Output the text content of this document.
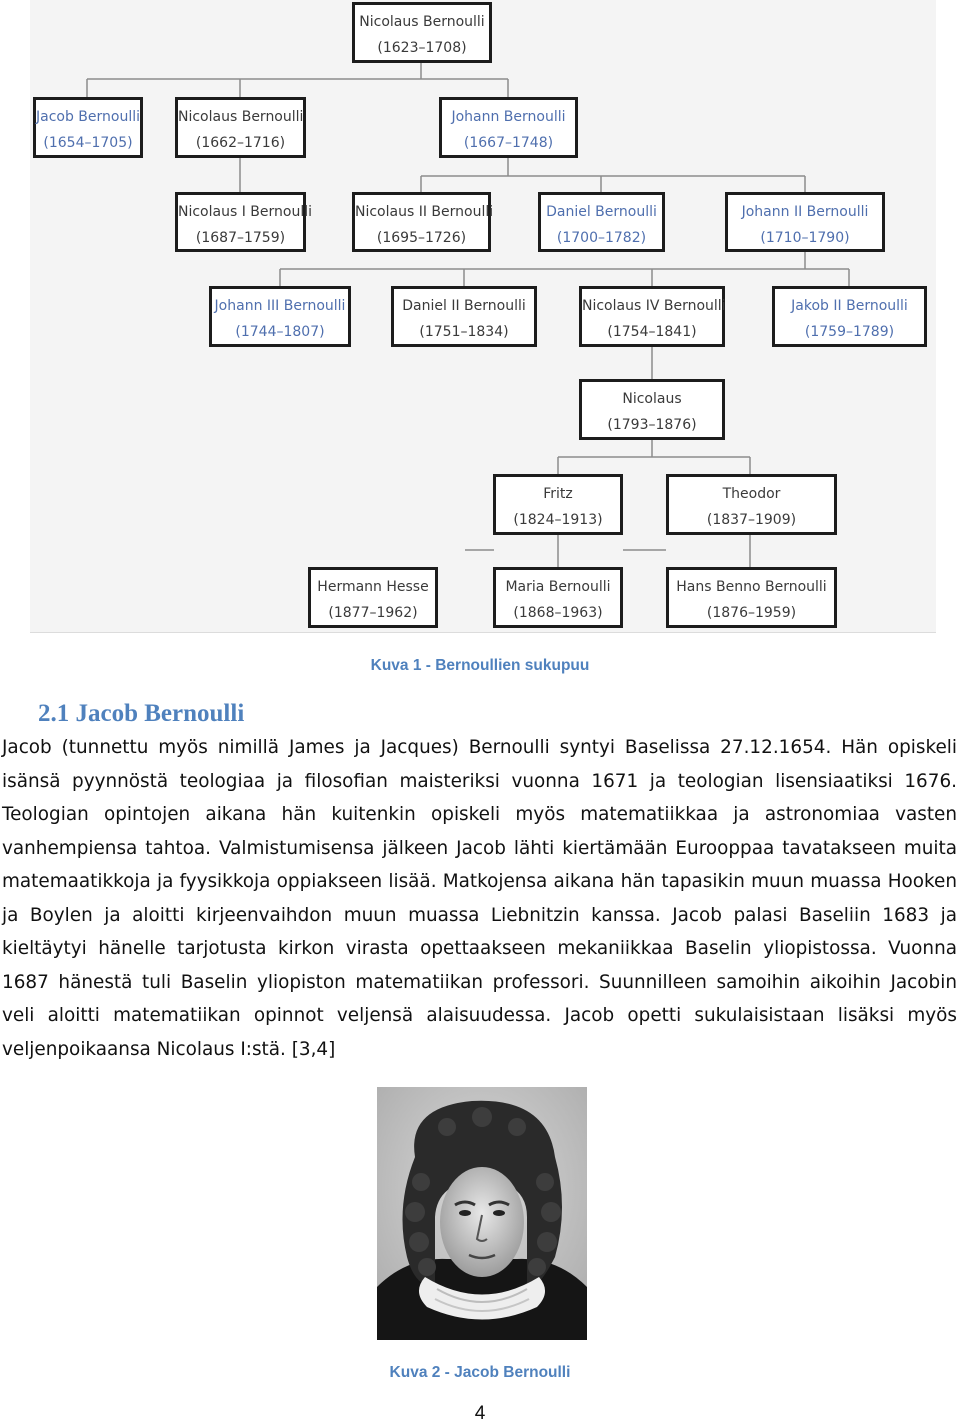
Nicolaus Bernoulli
(1623–1708)
Jacob Bernoulli
(1654–1705)
Nicolaus Bernoulli
(1662–1716)
Johann Bernoulli
(1667–1748)
Nicolaus I Bernoulli
(1687–1759)
Nicolaus II Bernoulli
(1695–1726)
Daniel Bernoulli
(1700–1782)
Johann II Bernoulli
(1710–1790)
Johann III Bernoulli
(1744–1807)
Daniel II Bernoulli
(1751–1834)
Nicolaus IV Bernoulli
(1754–1841)
Jakob II Bernoulli
(1759–1789)
Nicolaus
(1793–1876)
Fritz
(1824–1913)
Theodor
(1837–1909)
Hermann Hesse
(1877–1962)
Maria Bernoulli
(1868–1963)
Hans Benno Bernoulli
(1876–1959)
Kuva 1 - Bernoullien sukupuu
2.1 Jacob Bernoulli

Jacob (tunnettu myös nimillä James ja Jacques) Bernoulli syntyi Baselissa 27.12.1654. Hän opiskeli isänsä pyynnöstä teologiaa ja filosofian maisteriksi vuonna 1671 ja teologian lisensiaatiksi 1676. Teologian opintojen aikana hän kuitenkin opiskeli myös matematiikkaa ja astronomiaa vasten vanhempiensa tahtoa. Valmistumisensa jälkeen Jacob lähti kiertämään Eurooppaa tavatakseen muita matemaatikkoja ja fyysikkoja oppiakseen lisää. Matkojensa aikana hän tapasikin muun muassa Hooken ja Boylen ja aloitti kirjeenvaihdon muun muassa Liebnitzin kanssa. Jacob palasi Baseliin 1683 ja kieltäytyi hänelle tarjotusta kirkon virasta opettaakseen mekaniikkaa Baselin yliopistossa. Vuonna 1687 hänestä tuli Baselin yliopiston matematiikan professori. Suunnilleen samoihin aikoihin Jacobin veli aloitti matematiikan opinnot veljensä alaisuudessa. Jacob opetti sukulaisistaan lisäksi myös veljenpoikaansa Nicolaus I:stä. [3,4]

Kuva 2 - Jacob Bernoulli
4
